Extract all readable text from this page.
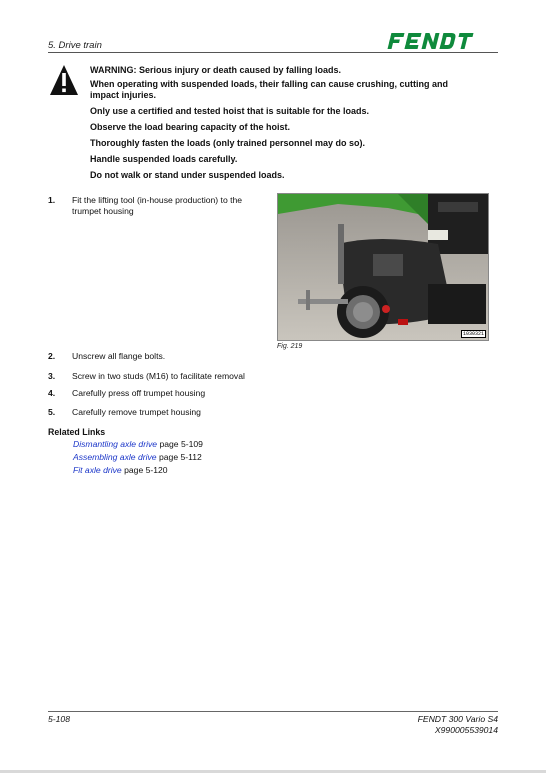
5. Drive train
FENDT

WARNING: Serious injury or death caused by falling loads.

When operating with suspended loads, their falling can cause crushing, cutting and

impact injuries.

Only use a certified and tested hoist that is suitable for the loads.

Observe the load bearing capacity of the hoist.

Thoroughly fasten the loads (only trained personnel may do so).

Handle suspended loads carefully.

Do not walk or stand under suspended loads.

1. Fit the lifting tool (in-house production) to the
trumpet housing
2. Unscrew all flange bolts.
3. Screw in two studs (M16) to facilitate removal
4. Carefully press off trumpet housing
5. Carefully remove trumpet housing
1030321
Fig. 219
Related Links
Dismantling axle drive page 5-109
Assembling axle drive page 5-112
Fit axle drive page 5-120
5-108	FENDT 300 Vario S4
X990005539014
